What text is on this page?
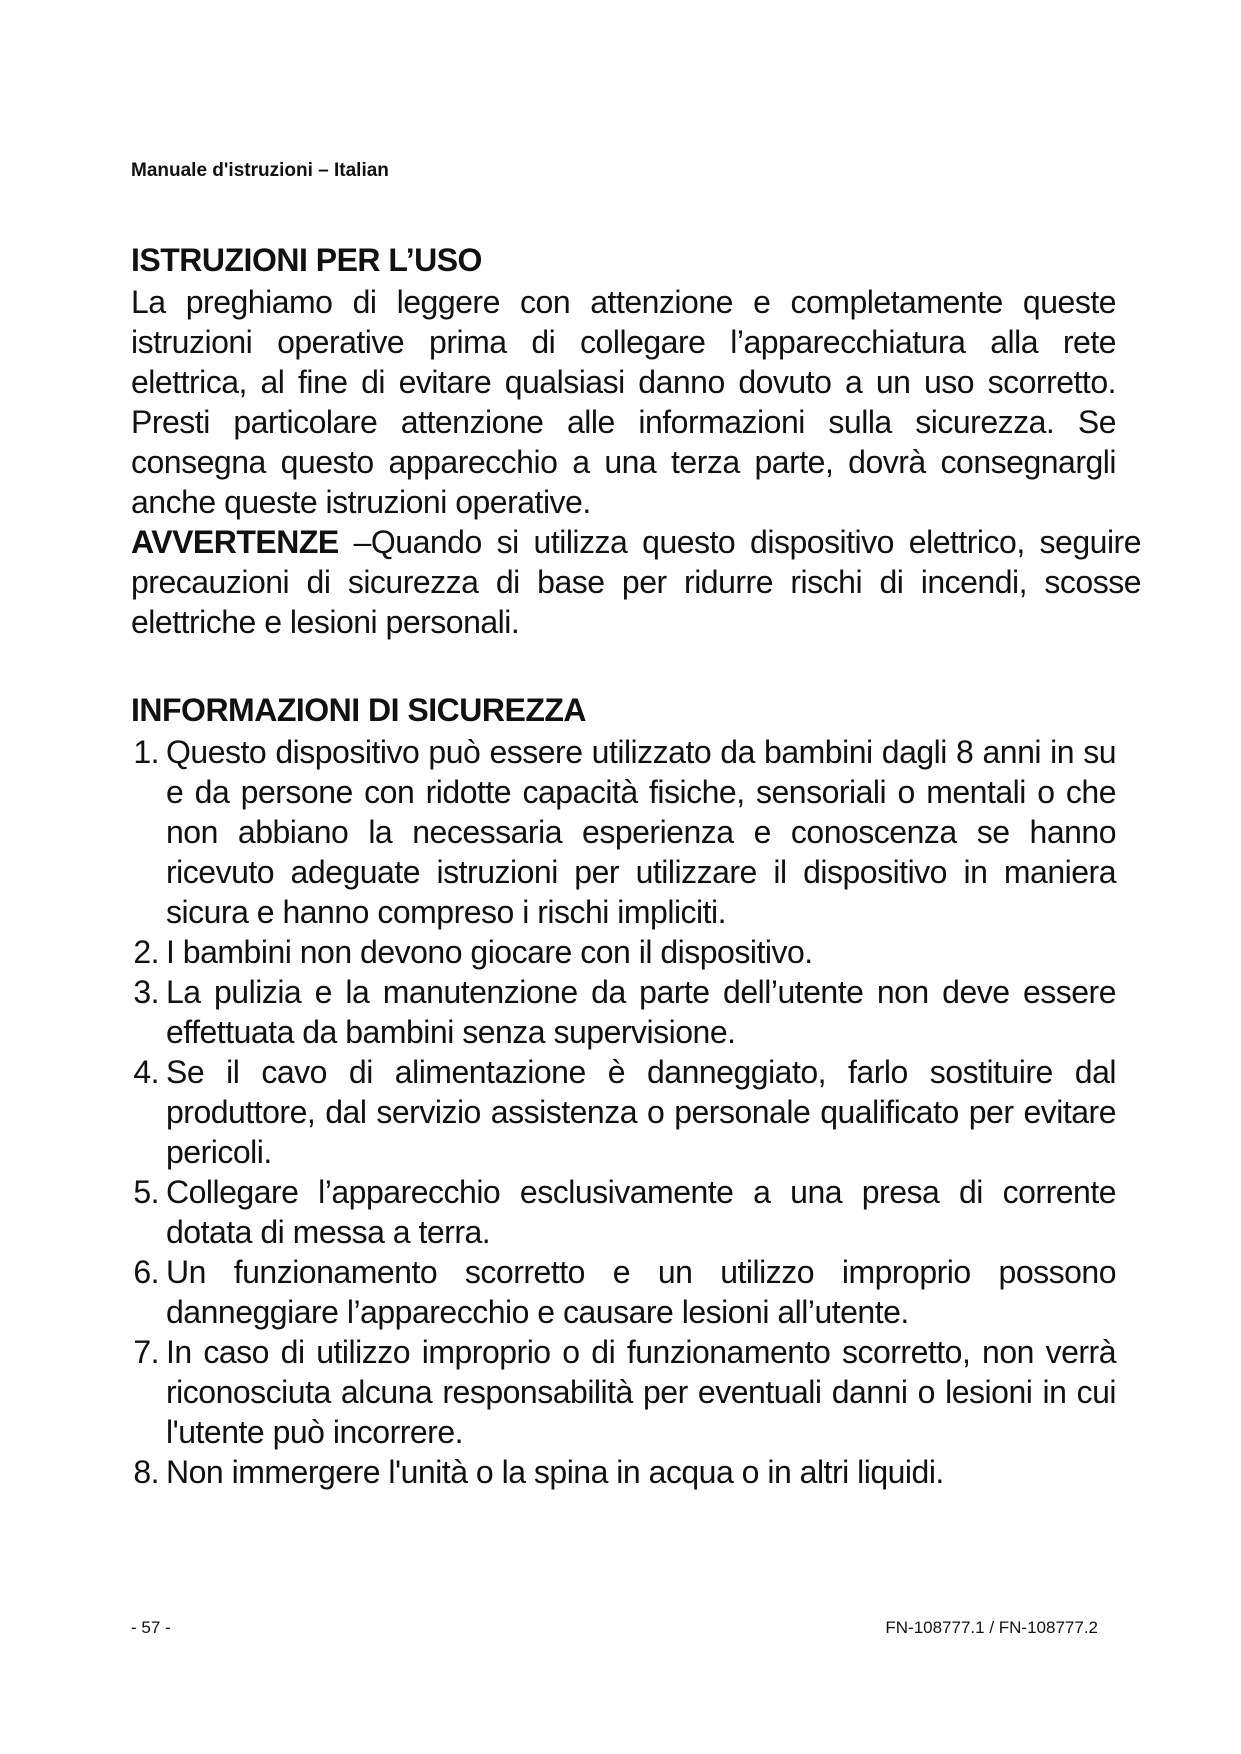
Manuale d'istruzioni – Italian
ISTRUZIONI PER L’USO

La preghiamo di leggere con attenzione e completamente queste istruzioni operative prima di collegare l’apparecchiatura alla rete elettrica, al fine di evitare qualsiasi danno dovuto a un uso scorretto. Presti particolare attenzione alle informazioni sulla sicurezza. Se consegna questo apparecchio a una terza parte, dovrà consegnargli anche queste istruzioni operative.

AVVERTENZE –Quando si utilizza questo dispositivo elettrico, seguire precauzioni di sicurezza di base per ridurre rischi di incendi, scosse elettriche e lesioni personali.

INFORMAZIONI DI SICUREZZA
1. Questo dispositivo può essere utilizzato da bambini dagli 8 anni in su e da persone con ridotte capacità fisiche, sensoriali o mentali o che non abbiano la necessaria esperienza e conoscenza se hanno ricevuto adeguate istruzioni per utilizzare il dispositivo in maniera sicura e hanno compreso i rischi impliciti.
2. I bambini non devono giocare con il dispositivo.
3. La pulizia e la manutenzione da parte dell’utente non deve essere effettuata da bambini senza supervisione.
4. Se il cavo di alimentazione è danneggiato, farlo sostituire dal produttore, dal servizio assistenza o personale qualificato per evitare pericoli.
5. Collegare l’apparecchio esclusivamente a una presa di corrente dotata di messa a terra.
6. Un funzionamento scorretto e un utilizzo improprio possono danneggiare l’apparecchio e causare lesioni all’utente.
7. In caso di utilizzo improprio o di funzionamento scorretto, non verrà riconosciuta alcuna responsabilità per eventuali danni o lesioni in cui l'utente può incorrere.
8. Non immergere l'unità o la spina in acqua o in altri liquidi.
- 57 -	FN-108777.1 / FN-108777.2
